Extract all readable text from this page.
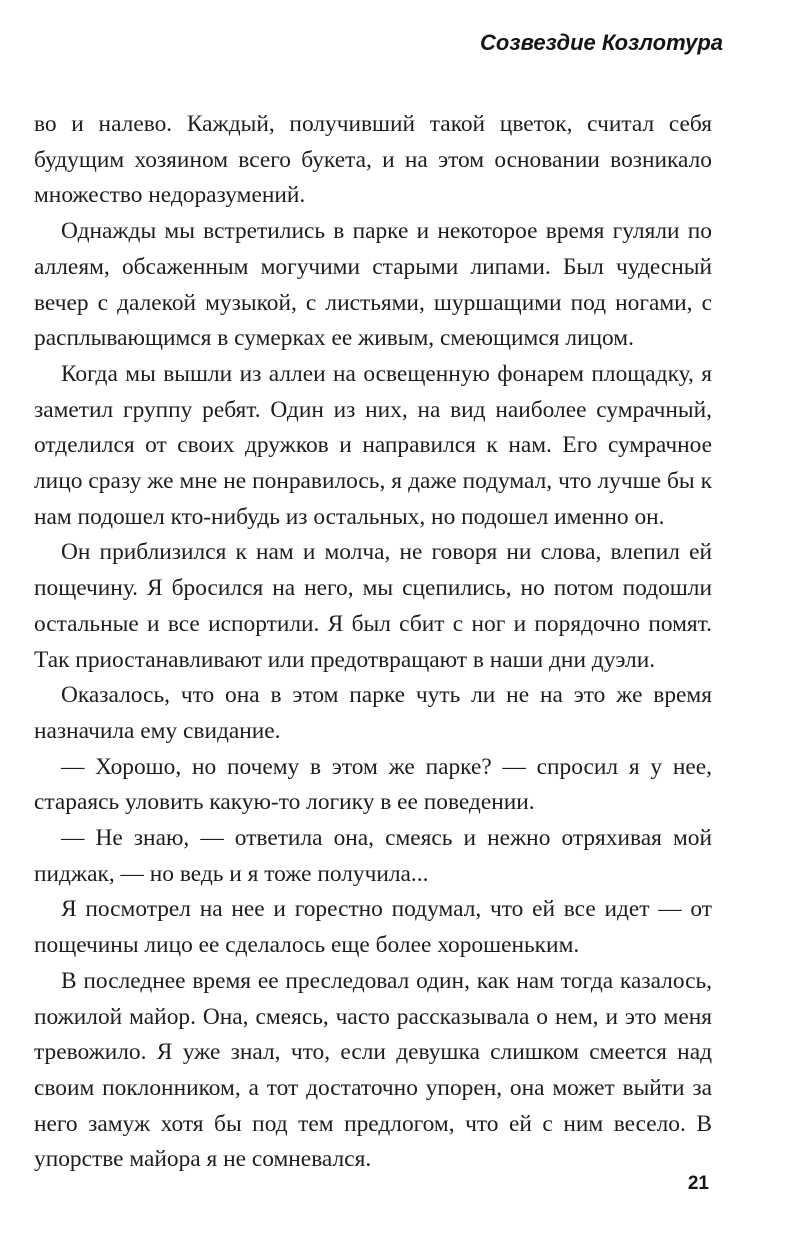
Созвездие Козлотура

во и налево. Каждый, получивший такой цветок, считал себя будущим хозяином всего букета, и на этом основании возникало множество недоразумений.

Однажды мы встретились в парке и некоторое время гуляли по аллеям, обсаженным могучими старыми липами. Был чудесный вечер с далекой музыкой, с листьями, шуршащими под ногами, с расплывающимся в сумерках ее живым, смеющимся лицом.

Когда мы вышли из аллеи на освещенную фонарем площадку, я заметил группу ребят. Один из них, на вид наиболее сумрачный, отделился от своих дружков и направился к нам. Его сумрачное лицо сразу же мне не понравилось, я даже подумал, что лучше бы к нам подошел кто-нибудь из остальных, но подошел именно он.

Он приблизился к нам и молча, не говоря ни слова, влепил ей пощечину. Я бросился на него, мы сцепились, но потом подошли остальные и все испортили. Я был сбит с ног и порядочно помят. Так приостанавливают или предотвращают в наши дни дуэли.

Оказалось, что она в этом парке чуть ли не на это же время назначила ему свидание.

— Хорошо, но почему в этом же парке? — спросил я у нее, стараясь уловить какую-то логику в ее поведении.

— Не знаю, — ответила она, смеясь и нежно отряхивая мой пиджак, — но ведь и я тоже получила...

Я посмотрел на нее и горестно подумал, что ей все идет — от пощечины лицо ее сделалось еще более хорошеньким.

В последнее время ее преследовал один, как нам тогда казалось, пожилой майор. Она, смеясь, часто рассказывала о нем, и это меня тревожило. Я уже знал, что, если девушка слишком смеется над своим поклонником, а тот достаточно упорен, она может выйти за него замуж хотя бы под тем предлогом, что ей с ним весело. В упорстве майора я не сомневался.

21
